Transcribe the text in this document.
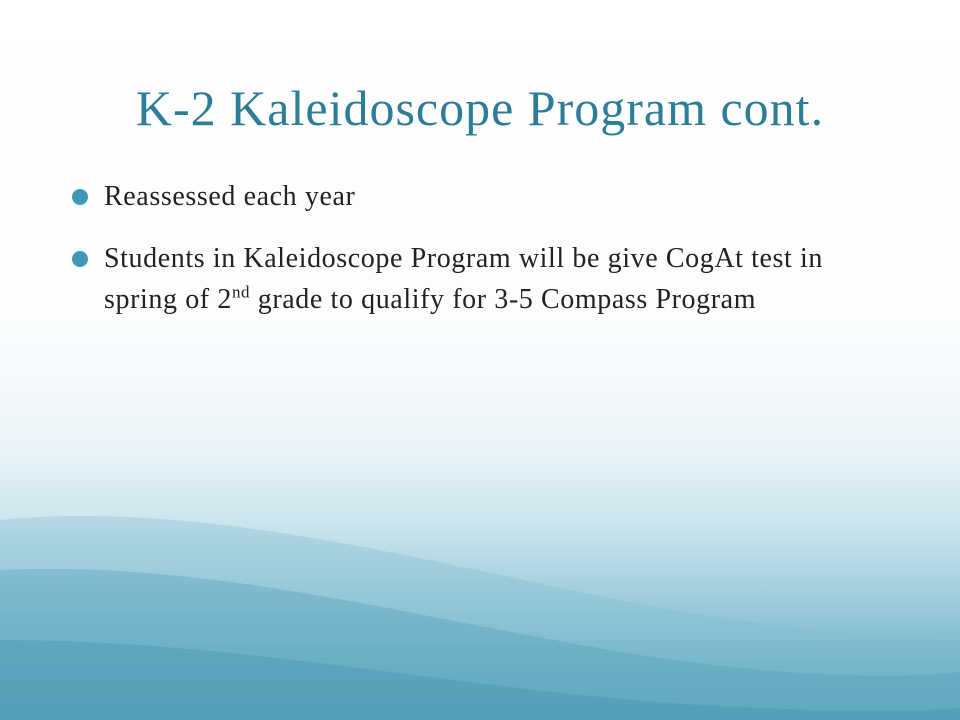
K-2 Kaleidoscope Program cont.
Reassessed each year
Students in Kaleidoscope Program will be give CogAt test in spring of 2nd grade to qualify for 3-5 Compass Program
